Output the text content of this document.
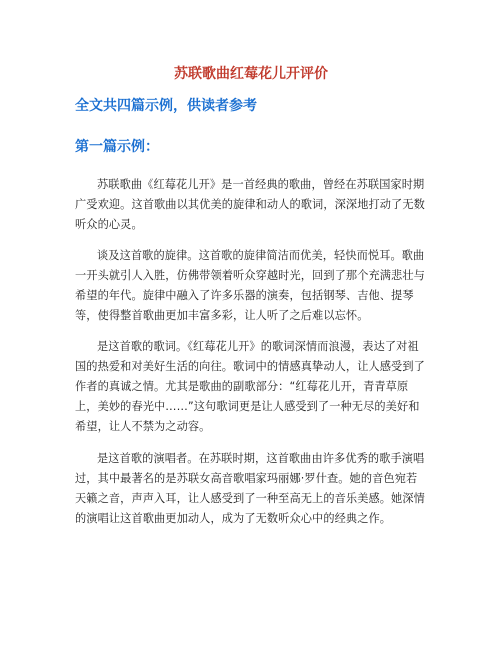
苏联歌曲红莓花儿开评价
全文共四篇示例，供读者参考
第一篇示例：

苏联歌曲《红莓花儿开》是一首经典的歌曲，曾经在苏联国家时期广受欢迎。这首歌曲以其优美的旋律和动人的歌词，深深地打动了无数听众的心灵。

谈及这首歌的旋律。这首歌的旋律简洁而优美，轻快而悦耳。歌曲一开头就引人入胜，仿佛带领着听众穿越时光，回到了那个充满悲壮与希望的年代。旋律中融入了许多乐器的演奏，包括钢琴、吉他、提琴等，使得整首歌曲更加丰富多彩，让人听了之后难以忘怀。

是这首歌的歌词。《红莓花儿开》的歌词深情而浪漫，表达了对祖国的热爱和对美好生活的向往。歌词中的情感真挚动人，让人感受到了作者的真诚之情。尤其是歌曲的副歌部分：“红莓花儿开，青青草原上，美妙的春光中……”这句歌词更是让人感受到了一种无尽的美好和希望，让人不禁为之动容。

是这首歌的演唱者。在苏联时期，这首歌曲由许多优秀的歌手演唱过，其中最著名的是苏联女高音歌唱家玛丽娜·罗什查。她的音色宛若天籁之音，声声入耳，让人感受到了一种至高无上的音乐美感。她深情的演唱让这首歌曲更加动人，成为了无数听众心中的经典之作。
